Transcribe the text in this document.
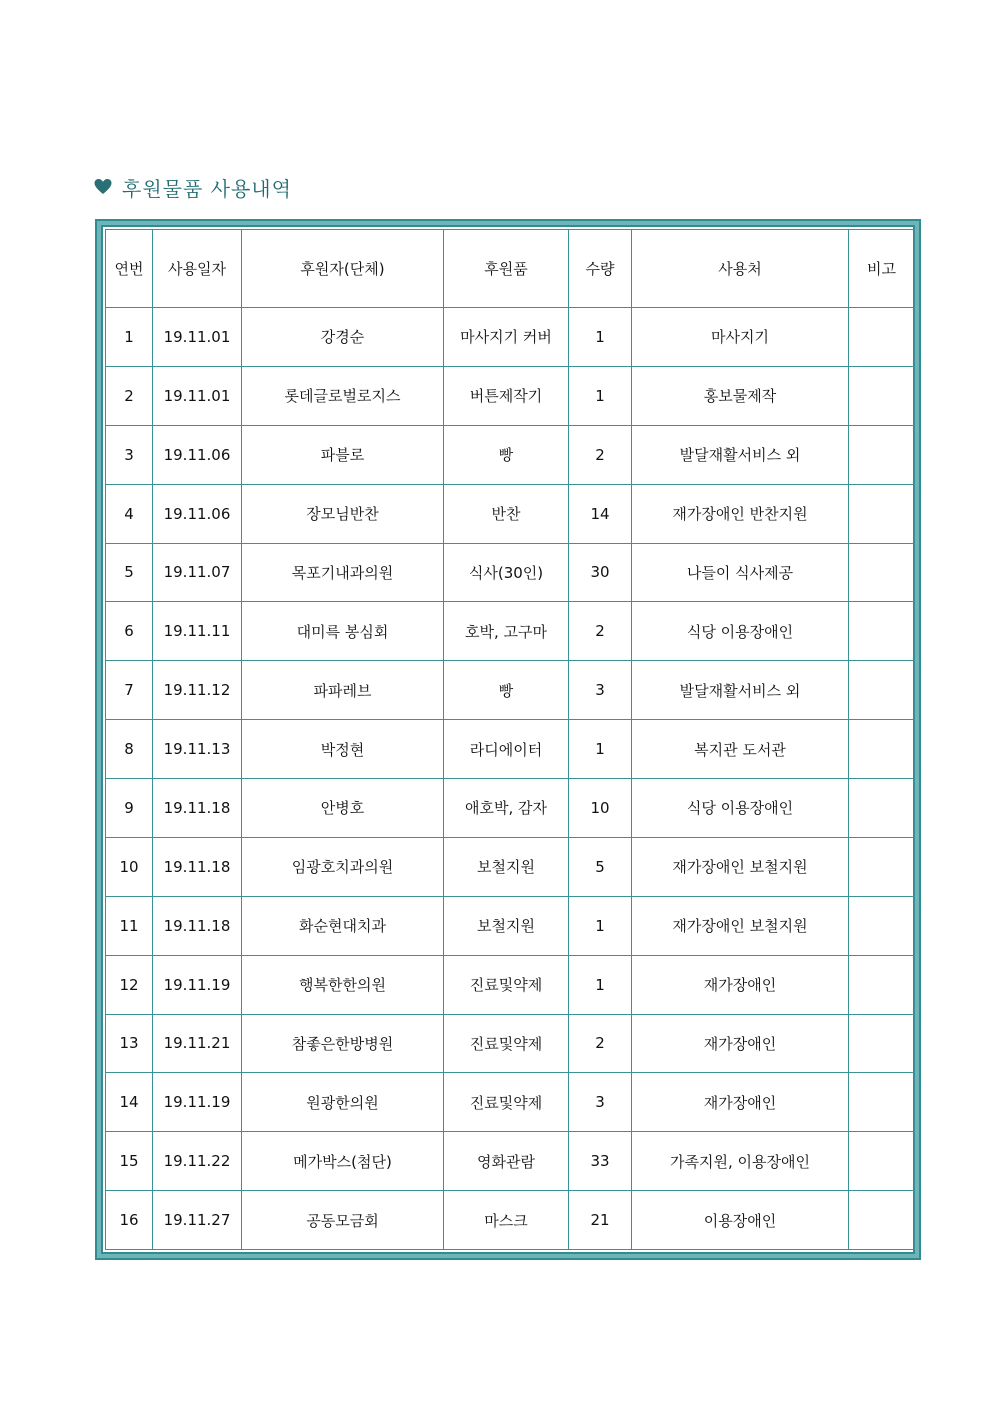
후원물품 사용내역
연번	사용일자	후원자(단체)	후원품	수량	사용처	비고
1	19.11.01	강경순	마사지기 커버	1	마사지기	
2	19.11.01	롯데글로벌로지스	버튼제작기	1	홍보물제작	
3	19.11.06	파블로	빵	2	발달재활서비스 외	
4	19.11.06	장모님반찬	반찬	14	재가장애인 반찬지원	
5	19.11.07	목포기내과의원	식사(30인)	30	나들이 식사제공	
6	19.11.11	대미륵 봉심회	호박, 고구마	2	식당 이용장애인	
7	19.11.12	파파레브	빵	3	발달재활서비스 외	
8	19.11.13	박정현	라디에이터	1	복지관 도서관	
9	19.11.18	안병호	애호박, 감자	10	식당 이용장애인	
10	19.11.18	임광호치과의원	보철지원	5	재가장애인 보철지원	
11	19.11.18	화순현대치과	보철지원	1	재가장애인 보철지원	
12	19.11.19	행복한한의원	진료및약제	1	재가장애인	
13	19.11.21	참좋은한방병원	진료및약제	2	재가장애인	
14	19.11.19	원광한의원	진료및약제	3	재가장애인	
15	19.11.22	메가박스(첨단)	영화관람	33	가족지원, 이용장애인	
16	19.11.27	공동모금회	마스크	21	이용장애인	
